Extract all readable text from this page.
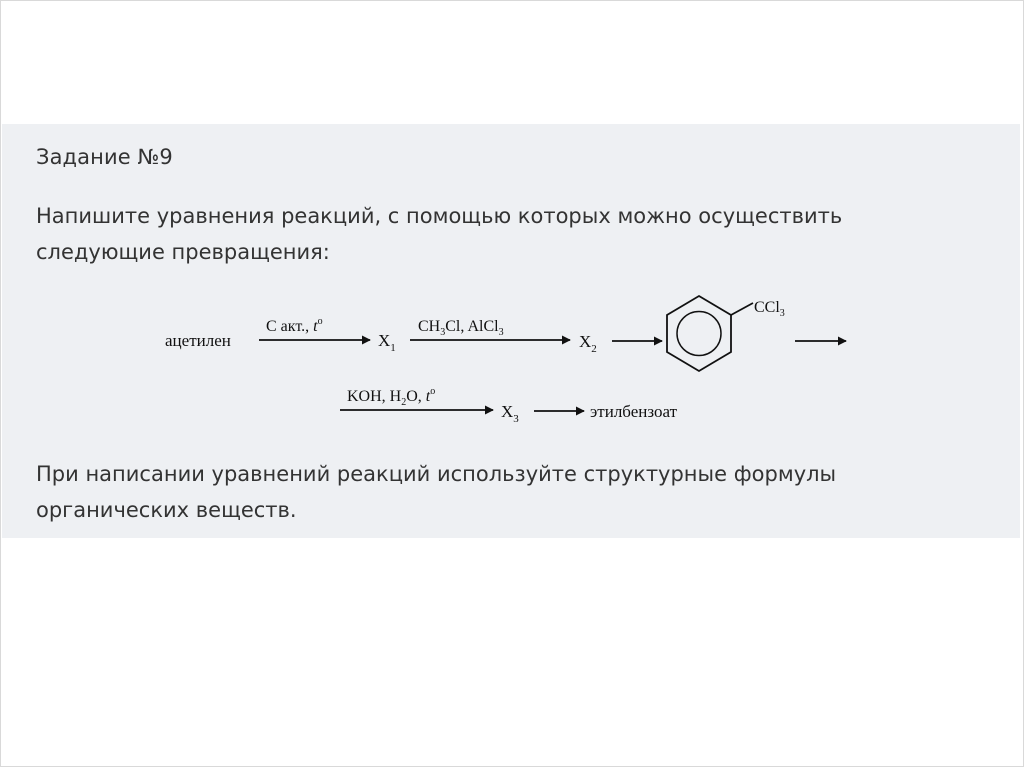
Задание №9
Напишите уравнения реакций, с помощью которых можно осуществить
следующие превращения:
ацетилен
С акт., $t^o$
$X_1$
$CH_3Cl$, AlCl$_3$	$X_2$
CCl$_3$
KOH, $H_2O$, $t^o$
$X_3$	этилбензоат
При написании уравнений реакций используйте структурные формулы
органических веществ.
